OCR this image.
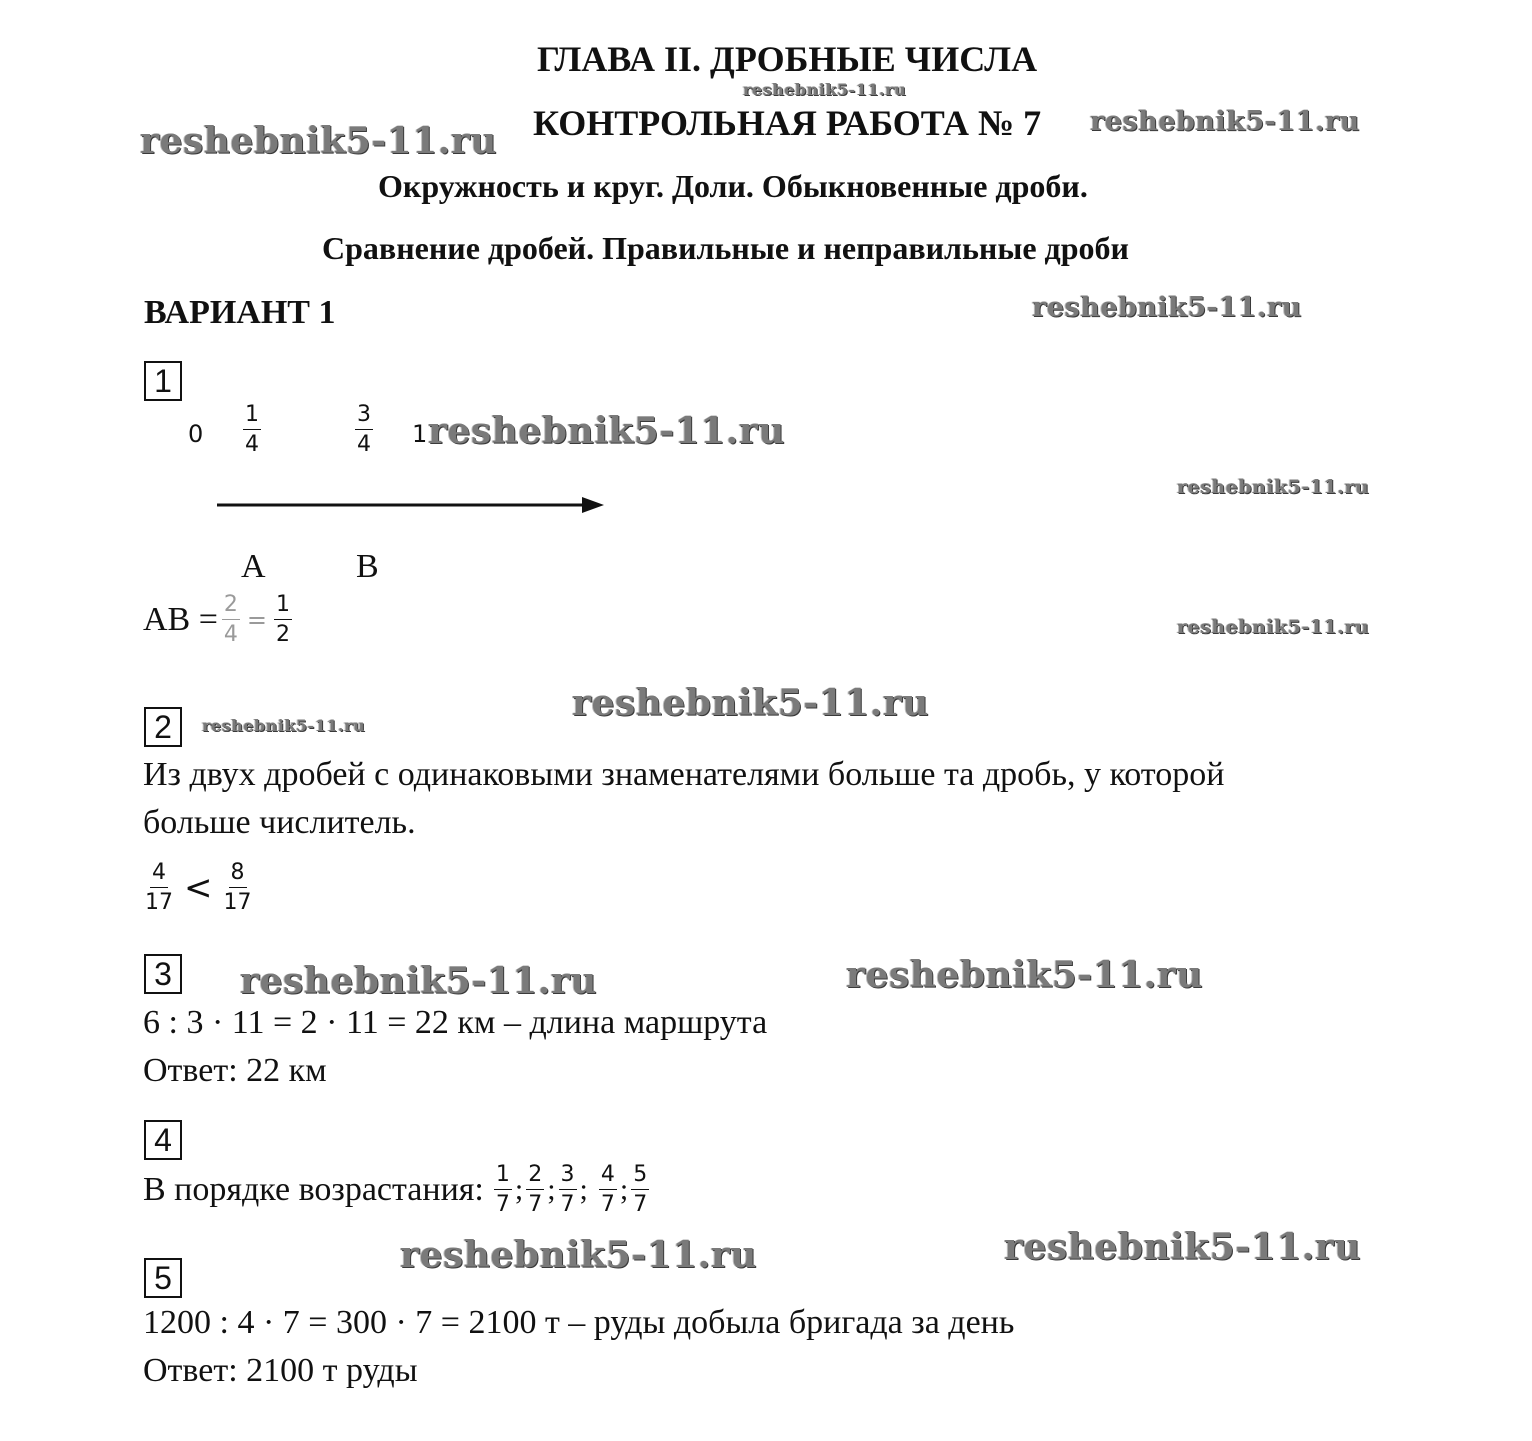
ГЛАВА II. ДРОБНЫЕ ЧИСЛА
reshebnik5-11.ru
КОНТРОЛЬНАЯ РАБОТА № 7 reshebnik5-11.ru
reshebnik5-11.ru
Окружность и круг. Доли. Обыкновенные дроби.
Сравнение дробей. Правильные и неправильные дроби
ВАРИАНТ 1	reshebnik5-11.ru
1
$0 \frac{1}{4}$	$\frac{3}{4} 1$ reshebnik5-11.ru
reshebnik5-11.ru
A	B
AB = $\frac{2}{4} = \frac{1}{2}$	reshebnik5-11.ru
reshebnik5-11.ru
2	reshebnik5-11.ru
Из двух дробей с одинаковыми знаменателями больше та дробь, у которой
больше числитель.
$\frac{4}{17} < \frac{8}{17}$
3 reshebnik5-11.ru	reshebnik5-11.ru
6 : 3 · 11 = 2 · 11 = 22 км – длина маршрута
Ответ: 22 км
4
В порядке возрастания: $\frac{1}{7}$ ; $\frac{2}{7}$ ; $\frac{3}{7}$ ; $\frac{4}{7}$ ; $\frac{5}{7}$
reshebnik5-11.ru
reshebnik5-11.ru
5
1200 : 4 · 7 = 300 · 7 = 2100 т – руды добыла бригада за день
Ответ: 2100 т руды
